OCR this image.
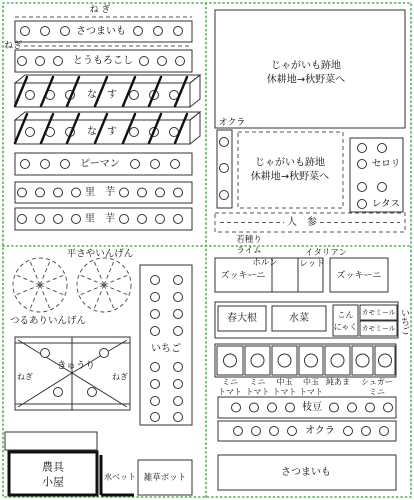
ね ぎ
さつまいも
ねぎ
とうもろこし
な　す
な　す
ピーマン
里　芋
里　芋
じゃがいも跡地
休耕地→秋野菜へ
オクラ
じゃがいも跡地
休耕地→秋野菜へ
セロリ
レタス
人　参
平さやいんげん
つるありいんげん
きゅうり
ねぎ	ねぎ
いちご
農具
小屋	水ベット 雑草ポット
若種り
ライム
ホルン
イタリアン
レッド
ズッキーニ	ズッキーニ
春大根	水菜	こん
にゃく
カモミール
カモミール いちご
ミニ
トマト
ミニ
トマト
中玉
トマト
中玉
トマト
純あま シュガー
ミニ
枝豆
オクラ
さつまいも
